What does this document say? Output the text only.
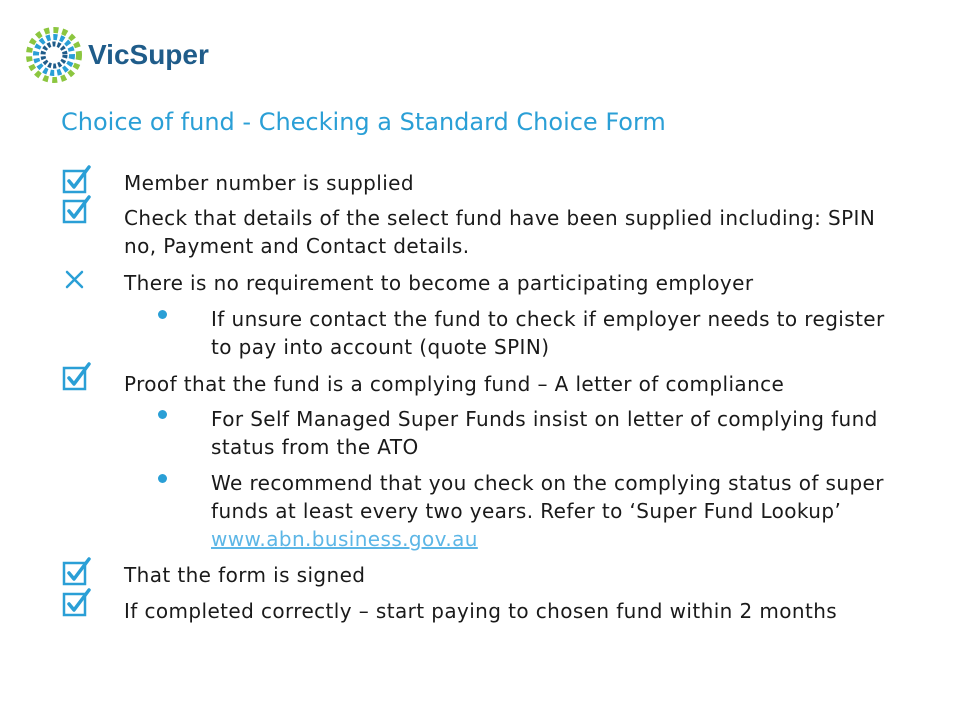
VicSuper
Choice of fund - Checking a Standard Choice Form
Member number is supplied
Check that details of the select fund have been supplied including: SPIN no, Payment and Contact details.
There is no requirement to become a participating employer
If unsure contact the fund to check if employer needs to register to pay into account (quote SPIN)
Proof that the fund is a complying fund – A letter of compliance
For Self Managed Super Funds insist on letter of complying fund status from the ATO
We recommend that you check on the complying status of super funds at least every two years. Refer to ‘Super Fund Lookup’ www.abn.business.gov.au
That the form is signed
If completed correctly – start paying to chosen fund within 2 months
